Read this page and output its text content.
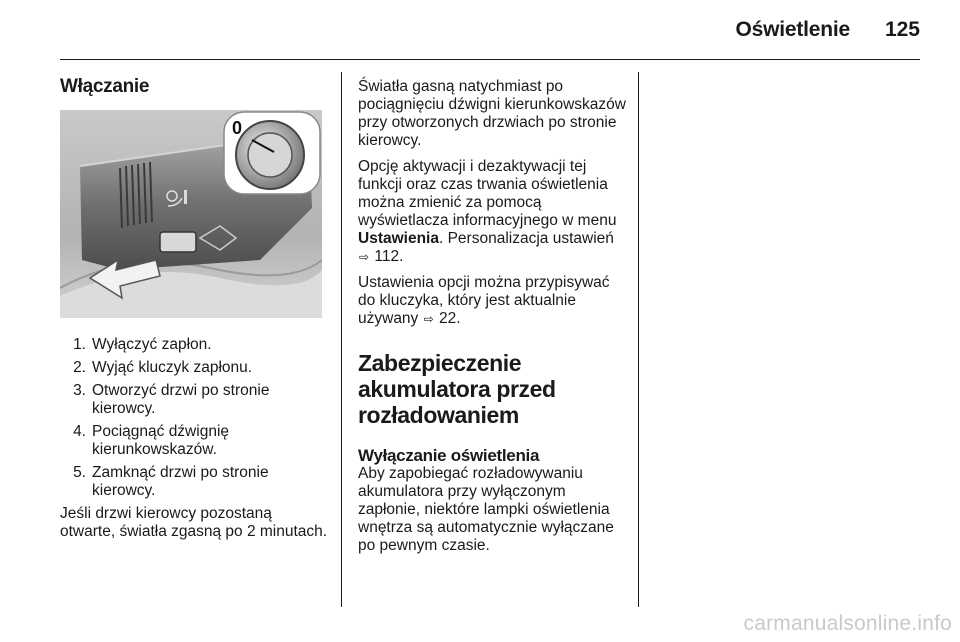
Oświetlenie	125
Włączanie
0
1. Wyłączyć zapłon.
2. Wyjąć kluczyk zapłonu.
3. Otworzyć drzwi po stronie kierowcy.
4. Pociągnąć dźwignię kierunkowskazów.
5. Zamknąć drzwi po stronie kierowcy.

Jeśli drzwi kierowcy pozostaną otwarte, światła zgasną po 2 minutach.

Światła gasną natychmiast po pociągnięciu dźwigni kierunkowskazów przy otworzonych drzwiach po stronie kierowcy.

Opcję aktywacji i dezaktywacji tej funkcji oraz czas trwania oświetlenia można zmienić za pomocą wyświetlacza informacyjnego w menu Ustawienia. Personalizacja ustawień ⇨ 112.

Ustawienia opcji można przypisywać do kluczyka, który jest aktualnie używany ⇨ 22.

Zabezpieczenie akumulatora przed rozładowaniem
Wyłączanie oświetlenia

Aby zapobiegać rozładowywaniu akumulatora przy wyłączonym zapłonie, niektóre lampki oświetlenia wnętrza są automatycznie wyłączane po pewnym czasie.

carmanualsonline.info
